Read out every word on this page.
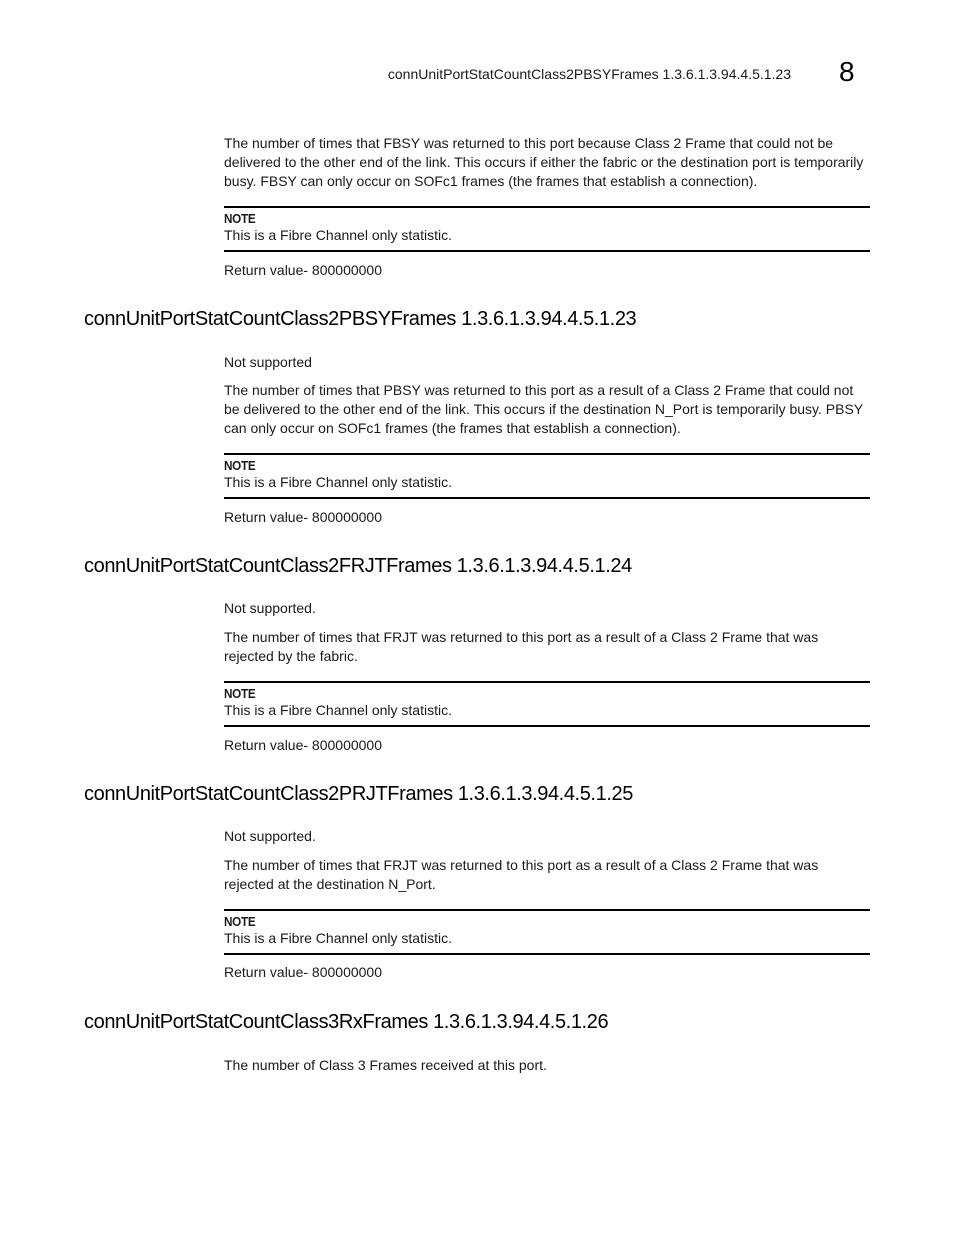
connUnitPortStatCountClass2PBSYFrames 1.3.6.1.3.94.4.5.1.23 8

The number of times that FBSY was returned to this port because Class 2 Frame that could not be delivered to the other end of the link. This occurs if either the fabric or the destination port is temporarily busy. FBSY can only occur on SOFc1 frames (the frames that establish a connection).

NOTE
This is a Fibre Channel only statistic.

Return value- 800000000

connUnitPortStatCountClass2PBSYFrames 1.3.6.1.3.94.4.5.1.23

Not supported

The number of times that PBSY was returned to this port as a result of a Class 2 Frame that could not be delivered to the other end of the link. This occurs if the destination N_Port is temporarily busy. PBSY can only occur on SOFc1 frames (the frames that establish a connection).

NOTE
This is a Fibre Channel only statistic.

Return value- 800000000

connUnitPortStatCountClass2FRJTFrames 1.3.6.1.3.94.4.5.1.24

Not supported.

The number of times that FRJT was returned to this port as a result of a Class 2 Frame that was rejected by the fabric.

NOTE
This is a Fibre Channel only statistic.

Return value- 800000000

connUnitPortStatCountClass2PRJTFrames 1.3.6.1.3.94.4.5.1.25

Not supported.

The number of times that FRJT was returned to this port as a result of a Class 2 Frame that was rejected at the destination N_Port.

NOTE
This is a Fibre Channel only statistic.

Return value- 800000000

connUnitPortStatCountClass3RxFrames 1.3.6.1.3.94.4.5.1.26

The number of Class 3 Frames received at this port.
